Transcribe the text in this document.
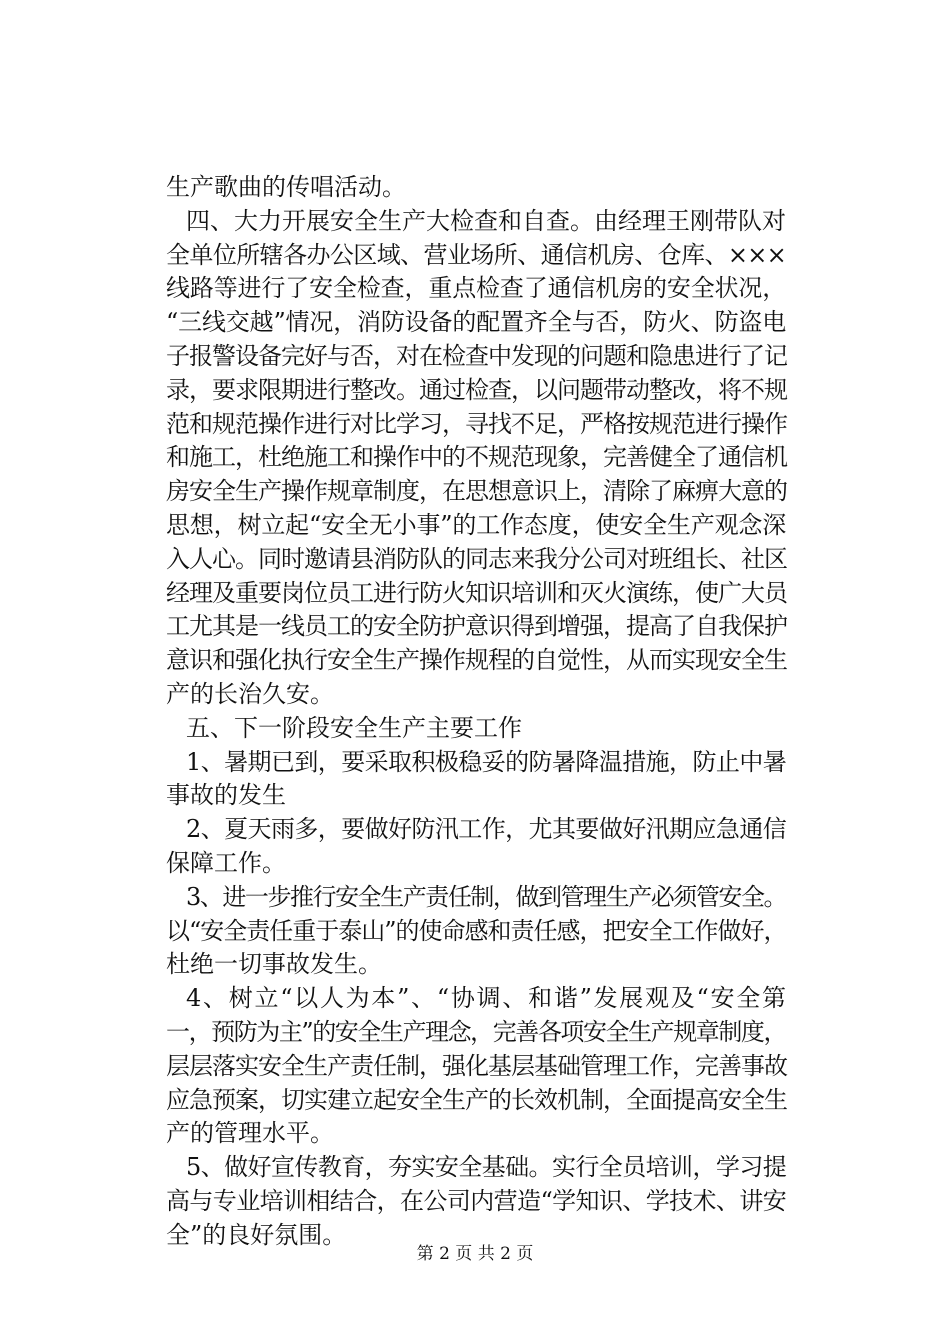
生产歌曲的传唱活动。
四、大力开展安全生产大检查和自查。由经理王刚带队对
全单位所辖各办公区域、营业场所、通信机房、仓库、×××
线路等进行了安全检查，重点检查了通信机房的安全状况，
“三线交越”情况，消防设备的配置齐全与否，防火、防盗电
子报警设备完好与否，对在检查中发现的问题和隐患进行了记
录，要求限期进行整改。通过检查，以问题带动整改，将不规
范和规范操作进行对比学习，寻找不足，严格按规范进行操作
和施工，杜绝施工和操作中的不规范现象，完善健全了通信机
房安全生产操作规章制度，在思想意识上，清除了麻痹大意的
思想，树立起“安全无小事”的工作态度，使安全生产观念深
入人心。同时邀请县消防队的同志来我分公司对班组长、社区
经理及重要岗位员工进行防火知识培训和灭火演练，使广大员
工尤其是一线员工的安全防护意识得到增强，提高了自我保护
意识和强化执行安全生产操作规程的自觉性，从而实现安全生
产的长治久安。
五、下一阶段安全生产主要工作
1、暑期已到，要采取积极稳妥的防暑降温措施，防止中暑
事故的发生
2、夏天雨多，要做好防汛工作，尤其要做好汛期应急通信
保障工作。
3、进一步推行安全生产责任制，做到管理生产必须管安全。
以“安全责任重于泰山”的使命感和责任感，把安全工作做好，
杜绝一切事故发生。
4、树立“以人为本”、“协调、和谐”发展观及“安全第
一，预防为主”的安全生产理念，完善各项安全生产规章制度，
层层落实安全生产责任制，强化基层基础管理工作，完善事故
应急预案，切实建立起安全生产的长效机制，全面提高安全生
产的管理水平。
5、做好宣传教育，夯实安全基础。实行全员培训，学习提
高与专业培训相结合，在公司内营造“学知识、学技术、讲安
全”的良好氛围。
第 2 页 共 2 页
